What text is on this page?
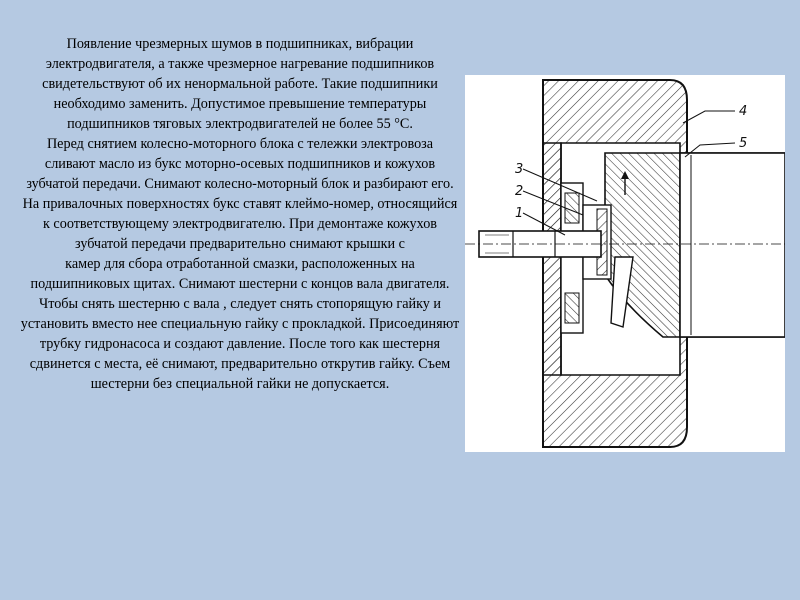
Появление чрезмерных шумов в подшипниках, вибрации электродвигателя, а также чрезмерное нагревание подшипников свидетельствуют об их ненормальной работе. Такие подшипники необходимо заменить. Допустимое превышение температуры подшипников тяговых электродвигателей не более 55 °С.

Перед снятием колесно-моторного блока с тележки электровоза сливают масло из букс моторно-осевых подшипников и кожухов зубчатой передачи. Снимают колесно-моторный блок и разбирают его. На привалочных поверхностях букс ставят клеймо-номер, относящийся к соответствующему электродвигателю. При демонтаже кожухов зубчатой передачи предварительно снимают крышки с

камер для сбора отработанной смазки, расположенных на подшипниковых щитах. Снимают шестерни с концов вала двигателя. Чтобы снять шестерню с вала , следует снять стопорящую гайку и установить вместо нее специальную гайку с прокладкой. Присоединяют трубку гидронасоса и создают давление. После того как шестерня сдвинется с места, её снимают, предварительно открутив гайку. Съем шестерни без специальной гайки не допускается.

1
2
3
4
5
